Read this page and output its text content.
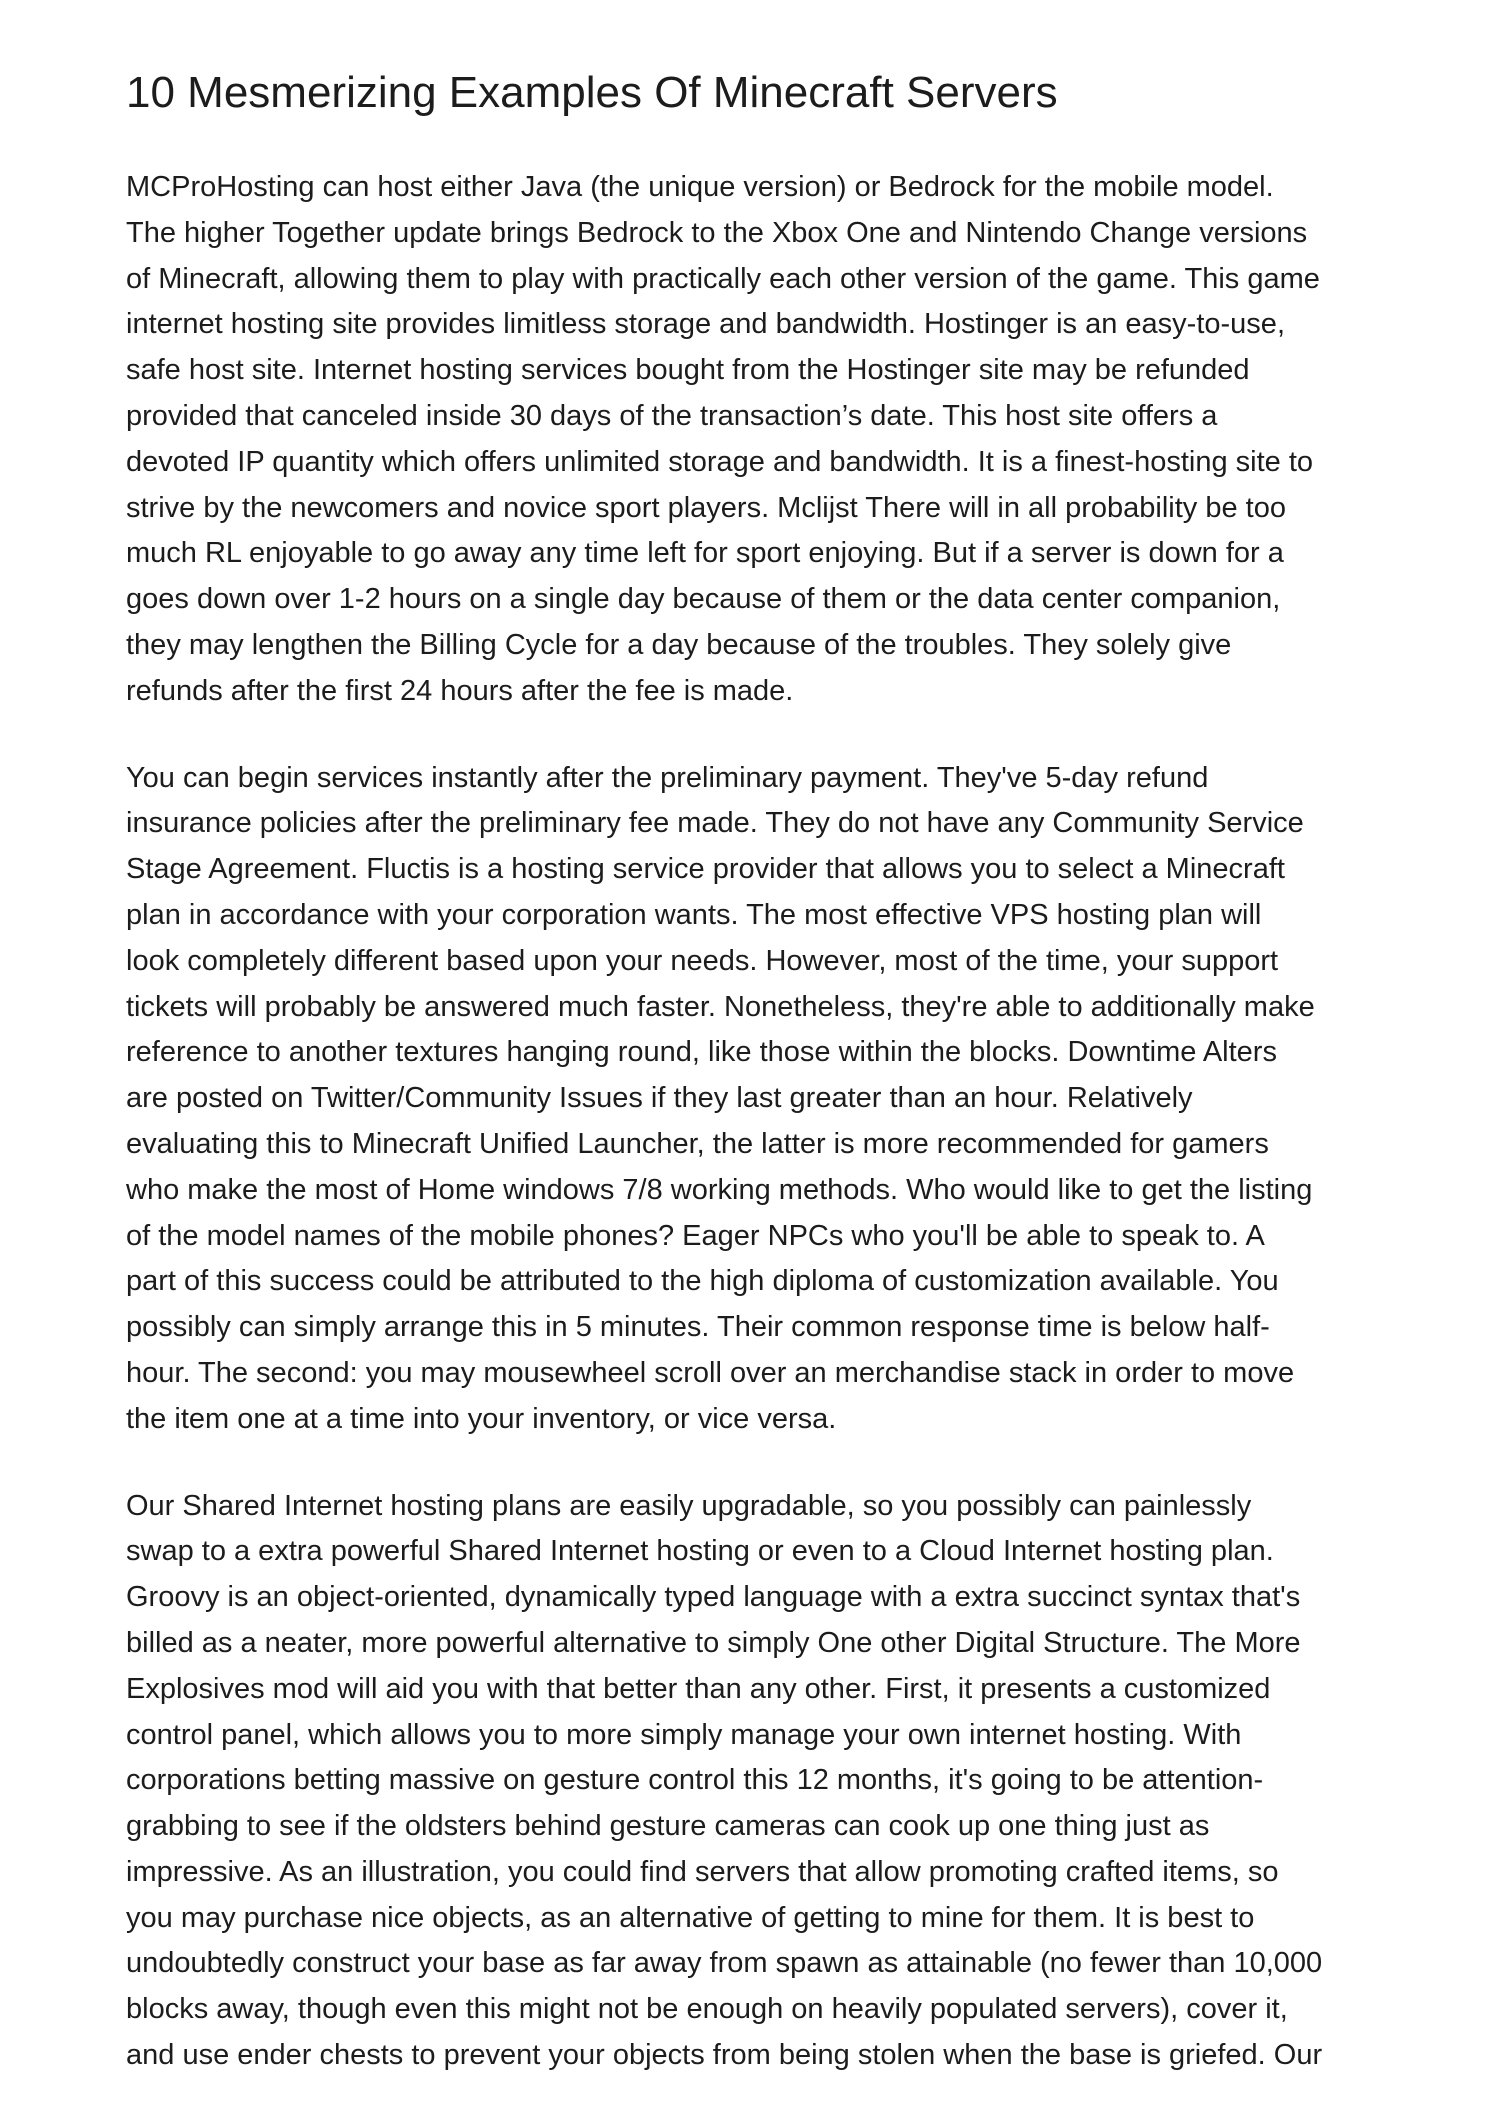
10 Mesmerizing Examples Of Minecraft Servers

MCProHosting can host either Java (the unique version) or Bedrock for the mobile model.
The higher Together update brings Bedrock to the Xbox One and Nintendo Change versions
of Minecraft, allowing them to play with practically each other version of the game. This game
internet hosting site provides limitless storage and bandwidth. Hostinger is an easy-to-use,
safe host site. Internet hosting services bought from the Hostinger site may be refunded
provided that canceled inside 30 days of the transaction’s date. This host site offers a
devoted IP quantity which offers unlimited storage and bandwidth. It is a finest-hosting site to
strive by the newcomers and novice sport players. Mclijst There will in all probability be too
much RL enjoyable to go away any time left for sport enjoying. But if a server is down for a
goes down over 1-2 hours on a single day because of them or the data center companion,
they may lengthen the Billing Cycle for a day because of the troubles. They solely give
refunds after the first 24 hours after the fee is made.

You can begin services instantly after the preliminary payment. They've 5-day refund
insurance policies after the preliminary fee made. They do not have any Community Service
Stage Agreement. Fluctis is a hosting service provider that allows you to select a Minecraft
plan in accordance with your corporation wants. The most effective VPS hosting plan will
look completely different based upon your needs. However, most of the time, your support
tickets will probably be answered much faster. Nonetheless, they're able to additionally make
reference to another textures hanging round, like those within the blocks. Downtime Alters
are posted on Twitter/Community Issues if they last greater than an hour. Relatively
evaluating this to Minecraft Unified Launcher, the latter is more recommended for gamers
who make the most of Home windows 7/8 working methods. Who would like to get the listing
of the model names of the mobile phones? Eager NPCs who you'll be able to speak to. A
part of this success could be attributed to the high diploma of customization available. You
possibly can simply arrange this in 5 minutes. Their common response time is below half-
hour. The second: you may mousewheel scroll over an merchandise stack in order to move
the item one at a time into your inventory, or vice versa.

Our Shared Internet hosting plans are easily upgradable, so you possibly can painlessly
swap to a extra powerful Shared Internet hosting or even to a Cloud Internet hosting plan.
Groovy is an object-oriented, dynamically typed language with a extra succinct syntax that's
billed as a neater, more powerful alternative to simply One other Digital Structure. The More
Explosives mod will aid you with that better than any other. First, it presents a customized
control panel, which allows you to more simply manage your own internet hosting. With
corporations betting massive on gesture control this 12 months, it's going to be attention-
grabbing to see if the oldsters behind gesture cameras can cook up one thing just as
impressive. As an illustration, you could find servers that allow promoting crafted items, so
you may purchase nice objects, as an alternative of getting to mine for them. It is best to
undoubtedly construct your base as far away from spawn as attainable (no fewer than 10,000
blocks away, though even this might not be enough on heavily populated servers), cover it,
and use ender chests to prevent your objects from being stolen when the base is griefed. Our
